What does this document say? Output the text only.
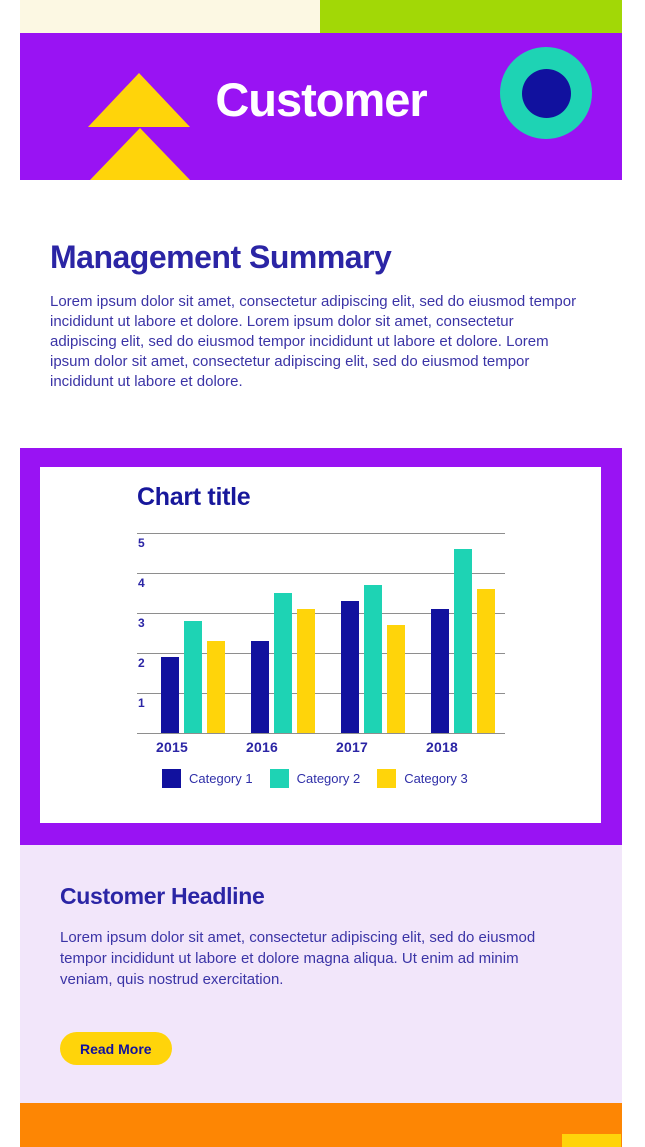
Customer
Management Summary

Lorem ipsum dolor sit amet, consectetur adipiscing elit, sed do eiusmod tempor incididunt ut labore et dolore. Lorem ipsum dolor sit amet, consectetur adipiscing elit, sed do eiusmod tempor incididunt ut labore et dolore. Lorem ipsum dolor sit amet, consectetur adipiscing elit, sed do eiusmod tempor incididunt ut labore et dolore.

Chart title
1
2
3
4
5
2015	2016	2017	2018
Category 1	Category 2	Category 3
Customer Headline

Lorem ipsum dolor sit amet, consectetur adipiscing elit, sed do eiusmod tempor incididunt ut labore et dolore magna aliqua. Ut enim ad minim veniam, quis nostrud exercitation.

Read More
